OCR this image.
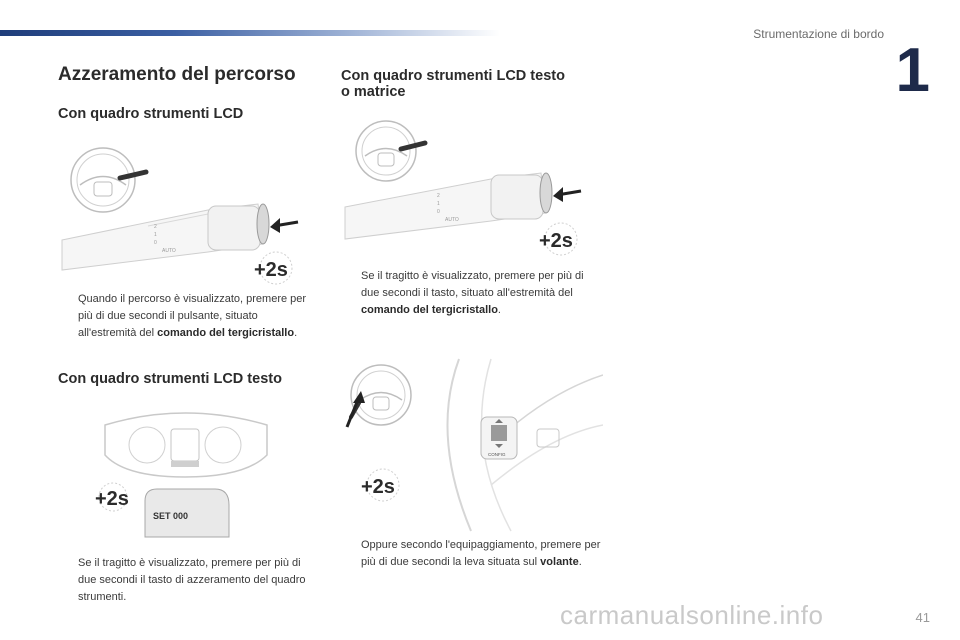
Strumentazione di bordo
1
Azzeramento del percorso
Con quadro strumenti LCD
2
1
0
AUTO
+2s
Quando il percorso è visualizzato, premere per più di due secondi il pulsante, situato all'estremità del comando del tergicristallo.
Con quadro strumenti LCD testo
+2s
SET 000
Se il tragitto è visualizzato, premere per più di due secondi il tasto di azzeramento del quadro strumenti.
Con quadro strumenti LCD testo
o matrice
2
1
0
AUTO
+2s
Se il tragitto è visualizzato, premere per più di due secondi il tasto, situato all'estremità del comando del tergicristallo.
CONFIG
+2s
Oppure secondo l'equipaggiamento, premere per più di due secondi la leva situata sul volante.
carmanualsonline.info	41
